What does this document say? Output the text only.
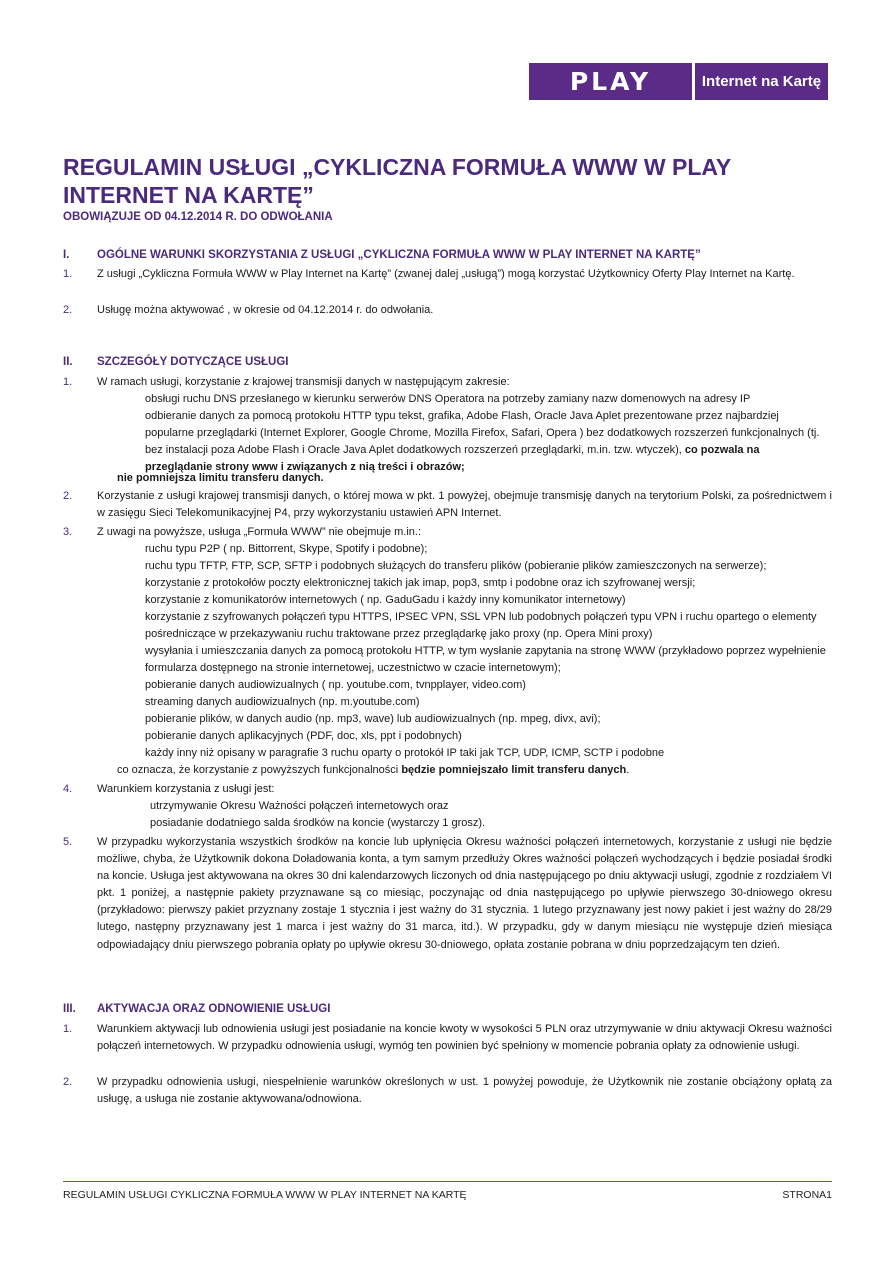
PLAY	Internet na Kartę
REGULAMIN USŁUGI „CYKLICZNA FORMUŁA WWW W PLAY INTERNET NA KARTĘ”

OBOWIĄZUJE OD 04.12.2014 R. DO ODWOŁANIA

I. OGÓLNE WARUNKI SKORZYSTANIA Z USŁUGI „CYKLICZNA FORMUŁA WWW W PLAY INTERNET NA KARTĘ”

1. Z usługi „Cykliczna Formuła WWW w Play Internet na Kartę” (zwanej dalej „usługą”) mogą korzystać Użytkownicy Oferty Play Internet na Kartę.
2. Usługę można aktywować , w okresie od 04.12.2014 r. do odwołania.

II. SZCZEGÓŁY DOTYCZĄCE USŁUGI

1. W ramach usługi, korzystanie z krajowej transmisji danych w następującym zakresie:
obsługi ruchu DNS przesłanego w kierunku serwerów DNS Operatora na potrzeby zamiany nazw domenowych na adresy IP
odbieranie danych za pomocą protokołu HTTP typu tekst, grafika, Adobe Flash, Oracle Java Aplet prezentowane przez najbardziej popularne przeglądarki (Internet Explorer, Google Chrome, Mozilla Firefox, Safari, Opera ) bez dodatkowych rozszerzeń funkcjonalnych (tj. bez instalacji poza Adobe Flash i Oracle Java Aplet dodatkowych rozszerzeń przeglądarki, m.in. tzw. wtyczek), co pozwala na przeglądanie strony www i związanych z nią treści i obrazów;
nie pomniejsza limitu transferu danych.
2. Korzystanie z usługi krajowej transmisji danych, o której mowa w pkt. 1 powyżej, obejmuje transmisję danych na terytorium Polski, za pośrednictwem i w zasięgu Sieci Telekomunikacyjnej P4, przy wykorzystaniu ustawień APN Internet.
3. Z uwagi na powyższe, usługa „Formuła WWW” nie obejmuje m.in.:
ruchu typu P2P ( np. Bittorrent, Skype, Spotify i podobne);
ruchu typu TFTP, FTP, SCP, SFTP i podobnych służących do transferu plików (pobieranie plików zamieszczonych na serwerze);
korzystanie z protokołów poczty elektronicznej takich jak imap, pop3, smtp i podobne oraz ich szyfrowanej wersji;
korzystanie z komunikatorów internetowych ( np. GaduGadu i każdy inny komunikator internetowy)
korzystanie z szyfrowanych połączeń typu HTTPS, IPSEC VPN, SSL VPN lub podobnych połączeń typu VPN i ruchu opartego o elementy pośredniczące w przekazywaniu ruchu traktowane przez przeglądarkę jako proxy (np. Opera Mini proxy)
wysyłania i umieszczania danych za pomocą protokołu HTTP, w tym wysłanie zapytania na stronę WWW (przykładowo poprzez wypełnienie formularza dostępnego na stronie internetowej, uczestnictwo w czacie internetowym);
pobieranie danych audiowizualnych ( np. youtube.com, tvnpplayer, video.com)
streaming danych audiowizualnych (np. m.youtube.com)
pobieranie plików, w danych audio (np. mp3, wave) lub audiowizualnych (np. mpeg, divx, avi);
pobieranie danych aplikacyjnych (PDF, doc, xls, ppt i podobnych)
każdy inny niż opisany w paragrafie 3 ruchu oparty o protokół IP taki jak TCP, UDP, ICMP, SCTP i podobne
co oznacza, że korzystanie z powyższych funkcjonalności będzie pomniejszało limit transferu danych.
4. Warunkiem korzystania z usługi jest:
utrzymywanie Okresu Ważności połączeń internetowych oraz
posiadanie dodatniego salda środków na koncie (wystarczy 1 grosz).
5. W przypadku wykorzystania wszystkich środków na koncie lub upłynięcia Okresu ważności połączeń internetowych, korzystanie z usługi nie będzie możliwe, chyba, że Użytkownik dokona Doładowania konta, a tym samym przedłuży Okres ważności połączeń wychodzących i będzie posiadał środki na koncie. Usługa jest aktywowana na okres 30 dni kalendarzowych liczonych od dnia następującego po dniu aktywacji usługi, zgodnie z rozdziałem VI pkt. 1 poniżej, a następnie pakiety przyznawane są co miesiąc, poczynając od dnia następującego po upływie pierwszego 30-dniowego okresu (przykładowo: pierwszy pakiet przyznany zostaje 1 stycznia i jest ważny do 31 stycznia. 1 lutego przyznawany jest nowy pakiet i jest ważny do 28/29 lutego, następny przyznawany jest 1 marca i jest ważny do 31 marca, itd.). W przypadku, gdy w danym miesiącu nie występuje dzień miesiąca odpowiadający dniu pierwszego pobrania opłaty po upływie okresu 30-dniowego, opłata zostanie pobrana w dniu poprzedzającym ten dzień.

III. AKTYWACJA ORAZ ODNOWIENIE USŁUGI

1. Warunkiem aktywacji lub odnowienia usługi jest posiadanie na koncie kwoty w wysokości 5 PLN oraz utrzymywanie w dniu aktywacji Okresu ważności połączeń internetowych. W przypadku odnowienia usługi, wymóg ten powinien być spełniony w momencie pobrania opłaty za odnowienie usługi.
2. W przypadku odnowienia usługi, niespełnienie warunków określonych w ust. 1 powyżej powoduje, że Użytkownik nie zostanie obciążony opłatą za usługę, a usługa nie zostanie aktywowana/odnowiona.
REGULAMIN USŁUGI CYKLICZNA FORMUŁA WWW W PLAY INTERNET NA KARTĘ	STRONA1
